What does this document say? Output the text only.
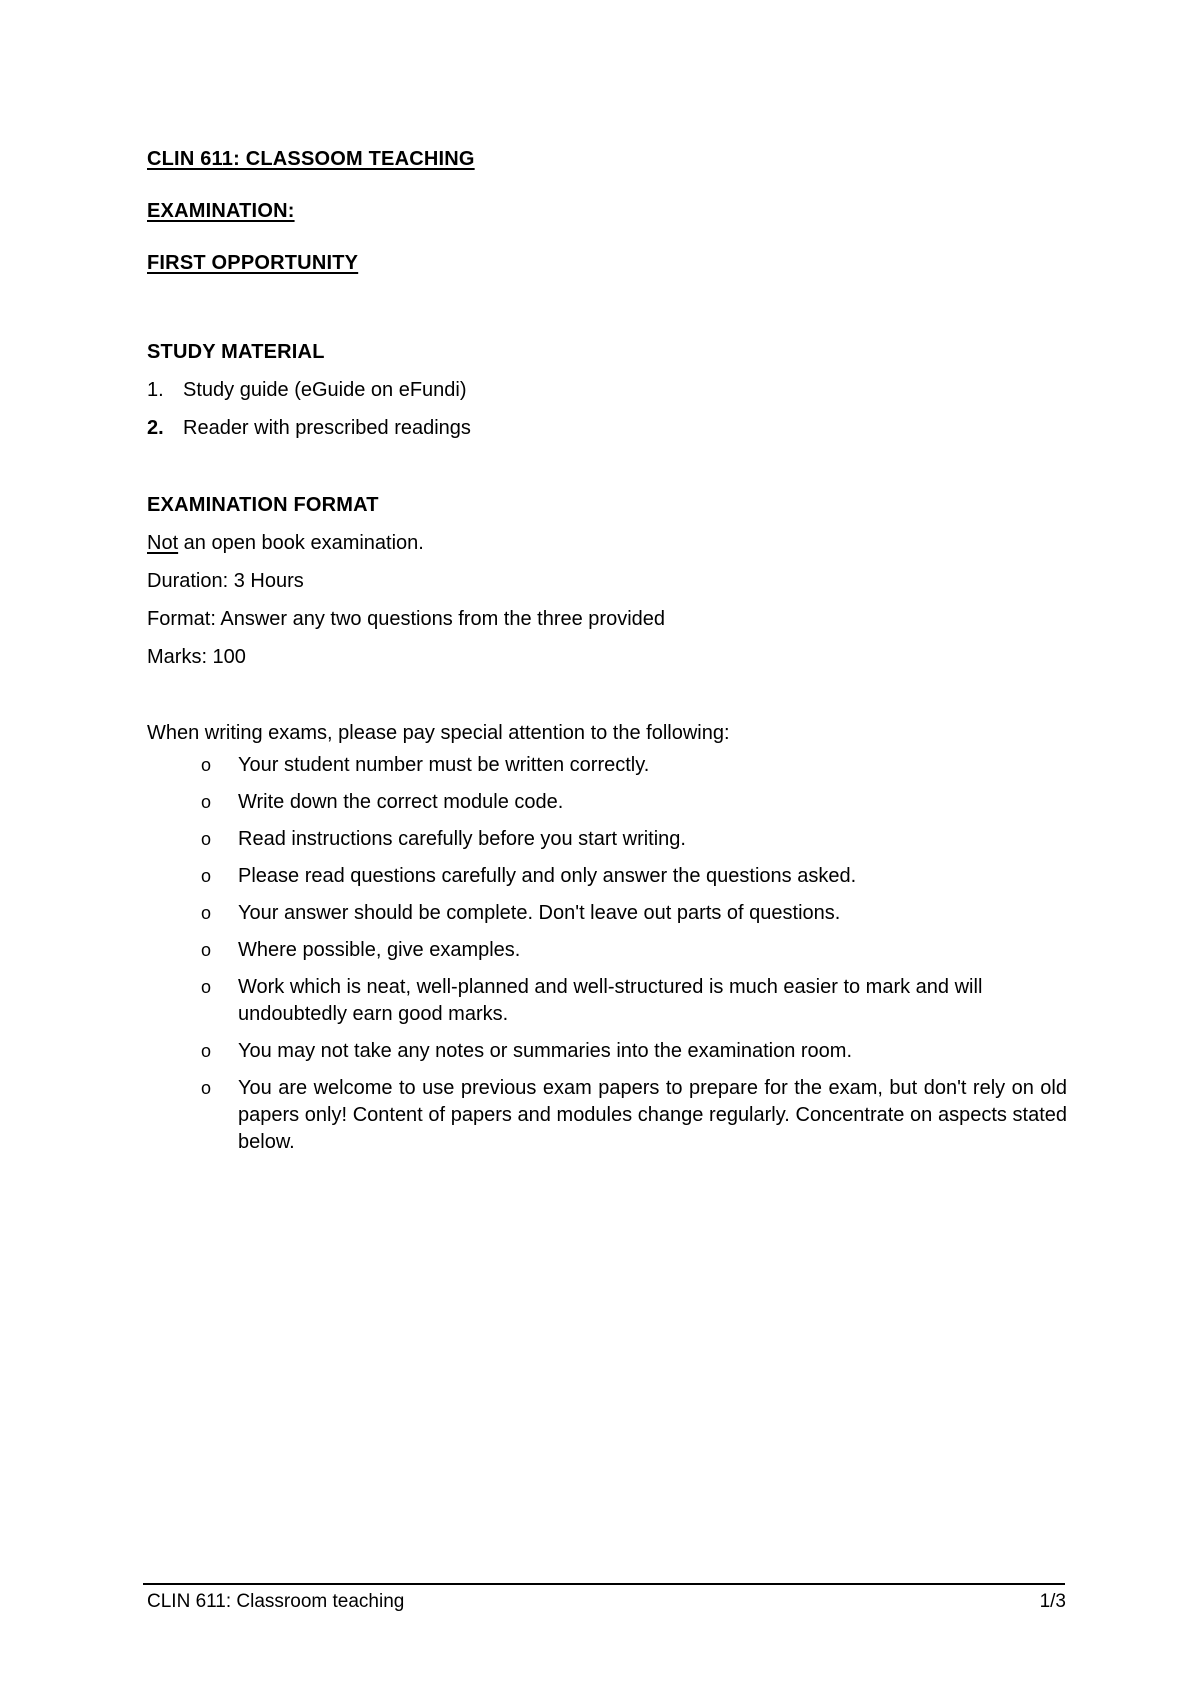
CLIN 611: CLASSOOM TEACHING
EXAMINATION:
FIRST OPPORTUNITY
STUDY MATERIAL
1. Study guide (eGuide on eFundi)
2. Reader with prescribed readings
EXAMINATION FORMAT
Not an open book examination.
Duration: 3 Hours
Format: Answer any two questions from the three provided
Marks: 100
When writing exams, please pay special attention to the following:
o Your student number must be written correctly.
o Write down the correct module code.
o Read instructions carefully before you start writing.
o Please read questions carefully and only answer the questions asked.
o Your answer should be complete. Don't leave out parts of questions.
o Where possible, give examples.
o Work which is neat, well-planned and well-structured is much easier to mark and will undoubtedly earn good marks.
o You may not take any notes or summaries into the examination room.
o You are welcome to use previous exam papers to prepare for the exam, but don't rely on old papers only! Content of papers and modules change regularly. Concentrate on aspects stated below.
CLIN 611: Classroom teaching	1/3
